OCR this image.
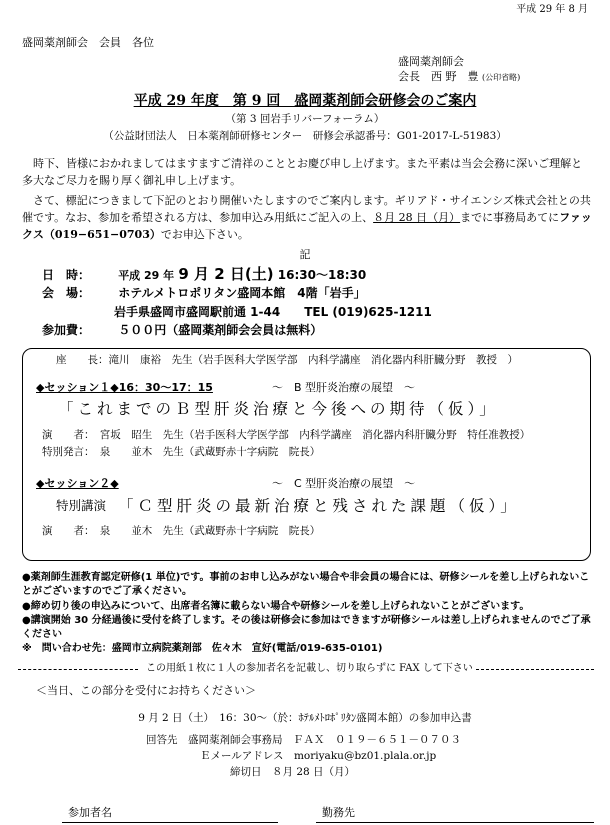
平成 29 年 8 月
盛岡薬剤師会　会員　各位
盛岡薬剤師会
会長　西 野　豊 (公印省略)
平成 29 年度　第 9 回　盛岡薬剤師会研修会のご案内
（第 3 回岩手リバーフォーラム）
（公益財団法人　日本薬剤師研修センター　研修会承認番号：G01-2017-L-51983）
　時下、皆様におかれましてはますますご清祥のこととお慶び申し上げます。また平素は当会会務に深いご理解と多大なご尽力を賜り厚く御礼申し上げます。
　さて、標記につきまして下記のとおり開催いたしますのでご案内します。ギリアド・サイエンシズ株式会社との共催です。なお、参加を希望される方は、参加申込み用紙にご記入の上、８月 28 日（月）までに事務局あてにファックス（019−651−0703）でお申込下さい。
記
日　時：	平成 29 年 9 月 2 日(土) 16:30～18:30
会　場： ホテルメトロポリタン盛岡本館　4階「岩手」
岩手県盛岡市盛岡駅前通 1-44　　TEL (019)625-1211
参加費： ５００円（盛岡薬剤師会会員は無料）
座　　長：滝川　康裕　先生（岩手医科大学医学部　内科学講座　消化器内科肝臓分野　教授　）
◆セッション１◆16：30～17：15	～　B 型肝炎治療の展望　～
「これまでのＢ型肝炎治療と今後への期待（仮）」
演　　者：　宮坂　昭生　先生（岩手医科大学医学部　内科学講座　消化器内科肝臓分野　特任准教授）
特別発言：　泉　　並木　先生（武蔵野赤十字病院　院長）
◆セッション２◆	～　C 型肝炎治療の展望　～
特別講演 「Ｃ型肝炎の最新治療と残された課題（仮）」
演　　者：　泉　　並木　先生（武蔵野赤十字病院　院長）
●薬剤師生涯教育認定研修(1 単位)です。事前のお申し込みがない場合や非会員の場合には、研修シールを差し上げられないことがございますのでご了承ください。
●締め切り後の申込みについて、出席者名簿に載らない場合や研修シールを差し上げられないことがございます。
●講演開始 30 分経過後に受付を終了します。その後は研修会に参加はできますが研修シールは差し上げられませんのでご了承ください
※　問い合わせ先：盛岡市立病院薬剤部　佐々木　宣好(電話/019-635-0101)
この用紙１枚に１人の参加者名を記載し、切り取らずに FAX して下さい
＜当日、この部分を受付にお持ちください＞
9 月 2 日（土）　16：30～（於：ﾎﾃﾙﾒﾄﾛﾎﾟﾘﾀﾝ盛岡本館）の参加申込書
回答先　盛岡薬剤師会事務局　ＦＡＸ　０１９－６５１－０７０３
Ｅメールアドレス　moriyaku@bz01.plala.or.jp
締切日　８月 28 日（月）
参加者名	勤務先
